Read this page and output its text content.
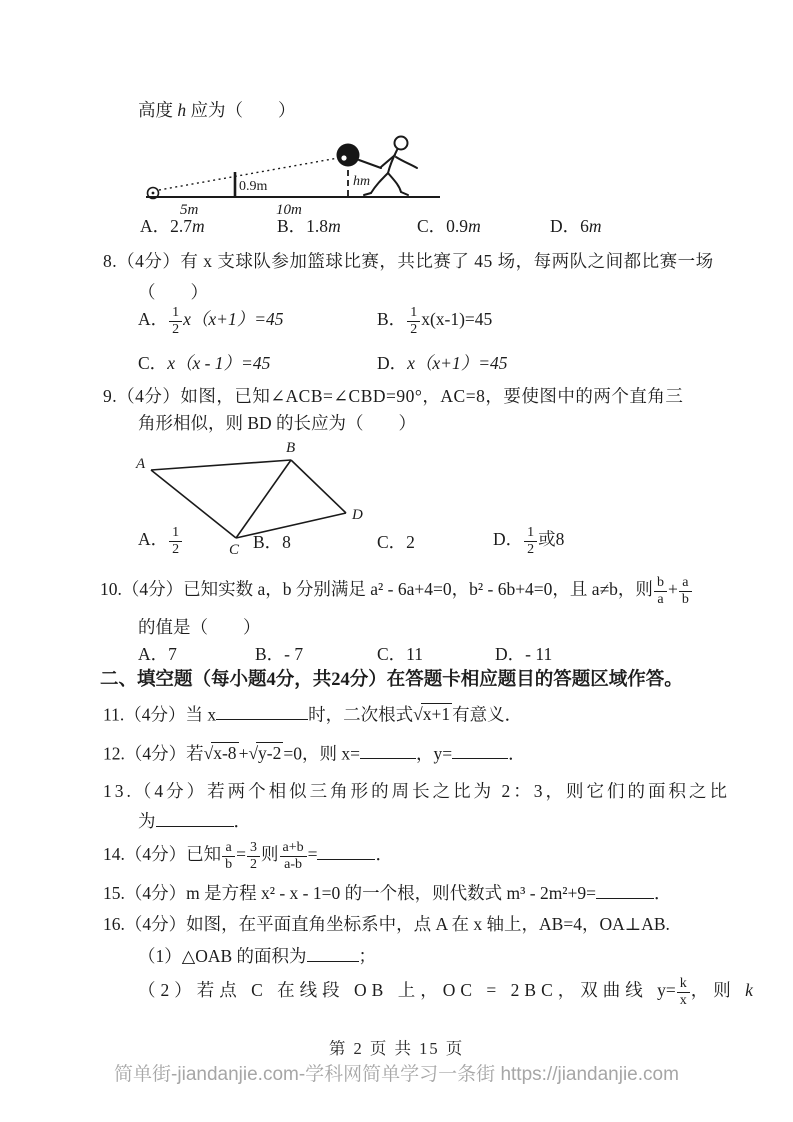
高度 h 应为（　　）
0.9m	hm
5m	10m
A．2.7m	B．1.8m	C．0.9m	D．6m
8.（4分）有 x 支球队参加篮球比赛，共比赛了 45 场，每两队之间都比赛一场
（　　）
A． $\frac{1}{2} x(x+1)=45$	B． $\frac{1}{2} x(x-1)=45$
C．x（x - 1）=45	D．x（x+1）=45
9.（4分）如图，已知∠ACB=∠CBD=90°，AC=8，要使图中的两个直角三
角形相似，则 BD 的长应为（　　）
A
B
C
D
A． $\frac{1}{2}$	B．8	C．2	D． $\frac{1}{2}$ 或8
10.（4分）已知实数 a，b 分别满足 a² - 6a+4=0，b² - 6b+4=0，且 a≠b，则 $\frac{b}{a} + \frac{a}{b}$
的值是（　　）
A．7	B．- 7	C．11	D．- 11
二、填空题（每小题4分，共24分）在答题卡相应题目的答题区域作答。
11.（4分）当 x	时，二次根式√x+1 有意义．
12.（4分）若√x-8 +√y-2 =0，则 x=	，y=	．
13.（4分）若两个相似三角形的周长之比为 2：3，则它们的面积之比
为	．
14.（4分）已知 $\frac{a}{b} = \frac{3}{2}$ 则 $\frac{a+b}{a-b}$ =	．
15.（4分）m 是方程 x² - x - 1=0 的一个根，则代数式 m³ - 2m²+9=	．
16.（4分）如图，在平面直角坐标系中，点 A 在 x 轴上，AB=4，OA⊥AB.
（1）△OAB 的面积为	；
（2）若点 C 在线段 OB 上，OC = 2BC，双曲线 $y= \frac{k}{x}$ ，则 k
第 2 页 共 15 页
简单街-jiandanjie.com-学科网简单学习一条街 https://jiandanjie.com
